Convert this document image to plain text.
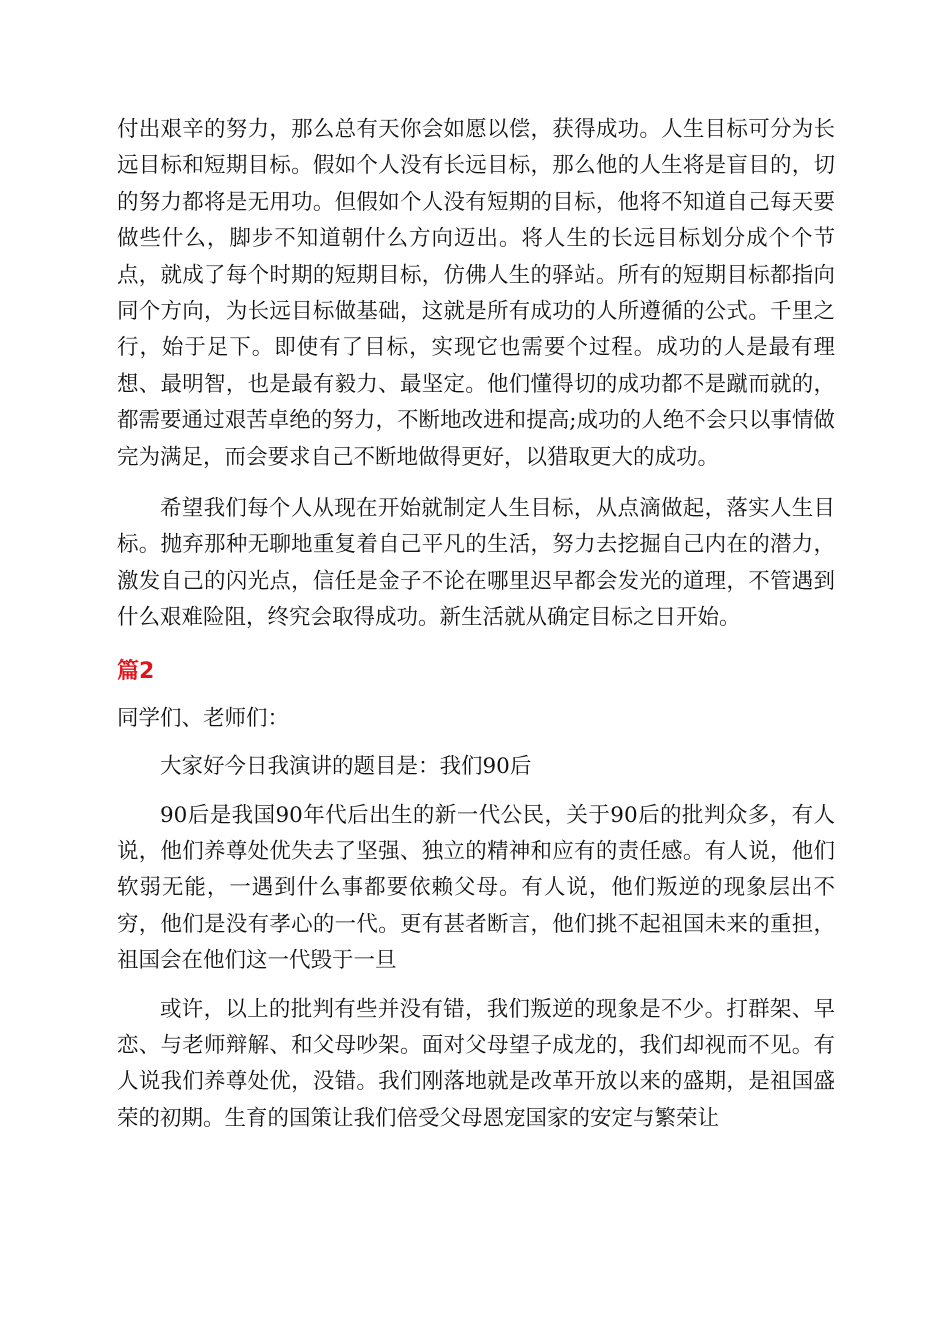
付出艰辛的努力，那么总有天你会如愿以偿，获得成功。人生目标可分为长远目标和短期目标。假如个人没有长远目标，那么他的人生将是盲目的，切的努力都将是无用功。但假如个人没有短期的目标，他将不知道自己每天要做些什么，脚步不知道朝什么方向迈出。将人生的长远目标划分成个个节点，就成了每个时期的短期目标，仿佛人生的驿站。所有的短期目标都指向同个方向，为长远目标做基础，这就是所有成功的人所遵循的公式。千里之行，始于足下。即使有了目标，实现它也需要个过程。成功的人是最有理想、最明智，也是最有毅力、最坚定。他们懂得切的成功都不是蹴而就的，都需要通过艰苦卓绝的努力，不断地改进和提高;成功的人绝不会只以事情做完为满足，而会要求自己不断地做得更好，以猎取更大的成功。

希望我们每个人从现在开始就制定人生目标，从点滴做起，落实人生目标。抛弃那种无聊地重复着自己平凡的生活，努力去挖掘自己内在的潜力，激发自己的闪光点，信任是金子不论在哪里迟早都会发光的道理，不管遇到什么艰难险阻，终究会取得成功。新生活就从确定目标之日开始。

篇2

同学们、老师们：

大家好今日我演讲的题目是：我们90后

90后是我国90年代后出生的新一代公民，关于90后的批判众多，有人说，他们养尊处优失去了坚强、独立的精神和应有的责任感。有人说，他们软弱无能，一遇到什么事都要依赖父母。有人说，他们叛逆的现象层出不穷，他们是没有孝心的一代。更有甚者断言，他们挑不起祖国未来的重担，祖国会在他们这一代毁于一旦

或许，以上的批判有些并没有错，我们叛逆的现象是不少。打群架、早恋、与老师辩解、和父母吵架。面对父母望子成龙的，我们却视而不见。有人说我们养尊处优，没错。我们刚落地就是改革开放以来的盛期，是祖国盛荣的初期。生育的国策让我们倍受父母恩宠国家的安定与繁荣让
